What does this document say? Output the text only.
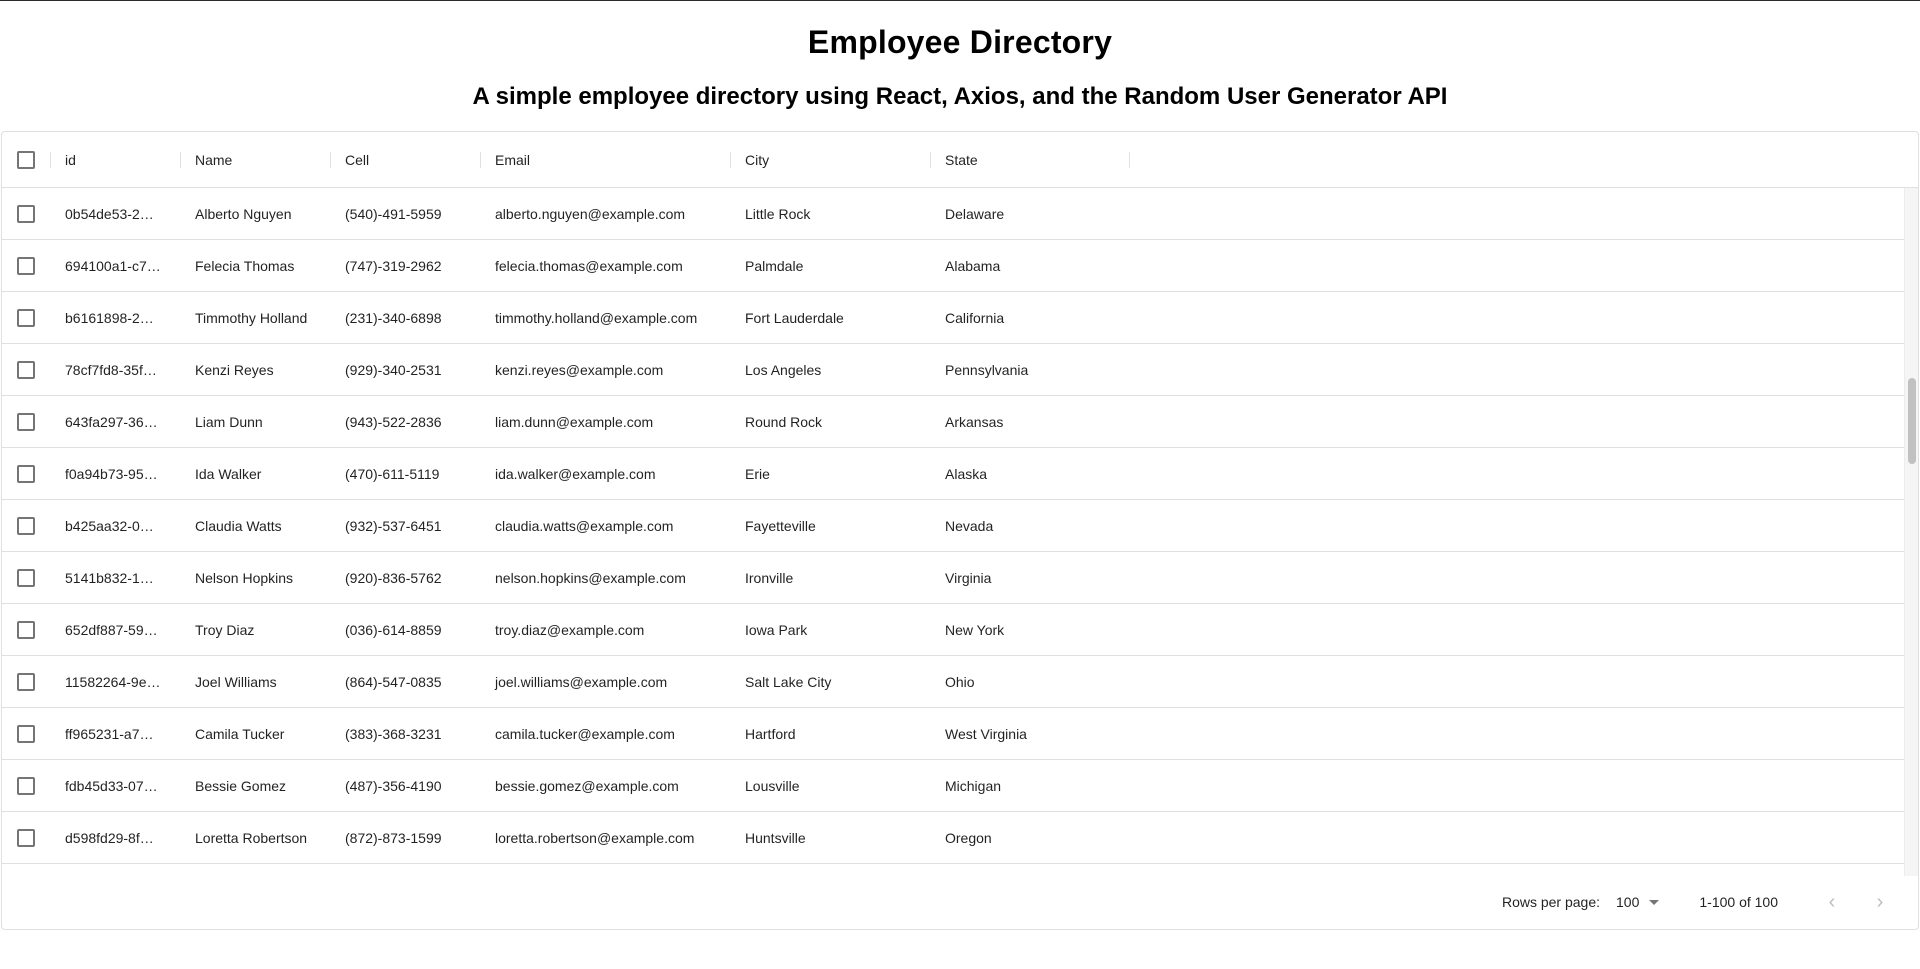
Employee Directory
A simple employee directory using React, Axios, and the Random User Generator API
id	Name	Cell	Email	City	State
0b54de53-2…	Alberto Nguyen	(540)-491-5959	alberto.nguyen@example.com	Little Rock	Delaware
694100a1-c7…	Felecia Thomas	(747)-319-2962	felecia.thomas@example.com	Palmdale	Alabama
b6161898-2…	Timmothy Holland	(231)-340-6898	timmothy.holland@example.com	Fort Lauderdale	California
78cf7fd8-35f…	Kenzi Reyes	(929)-340-2531	kenzi.reyes@example.com	Los Angeles	Pennsylvania
643fa297-36…	Liam Dunn	(943)-522-2836	liam.dunn@example.com	Round Rock	Arkansas
f0a94b73-95…	Ida Walker	(470)-611-5119	ida.walker@example.com	Erie	Alaska
b425aa32-0…	Claudia Watts	(932)-537-6451	claudia.watts@example.com	Fayetteville	Nevada
5141b832-1…	Nelson Hopkins	(920)-836-5762	nelson.hopkins@example.com	Ironville	Virginia
652df887-59…	Troy Diaz	(036)-614-8859	troy.diaz@example.com	Iowa Park	New York
11582264-9e…	Joel Williams	(864)-547-0835	joel.williams@example.com	Salt Lake City	Ohio
ff965231-a7…	Camila Tucker	(383)-368-3231	camila.tucker@example.com	Hartford	West Virginia
fdb45d33-07…	Bessie Gomez	(487)-356-4190	bessie.gomez@example.com	Lousville	Michigan
d598fd29-8f…	Loretta Robertson	(872)-873-1599	loretta.robertson@example.com	Huntsville	Oregon
Rows per page: 100	1-100 of 100	‹ ›
